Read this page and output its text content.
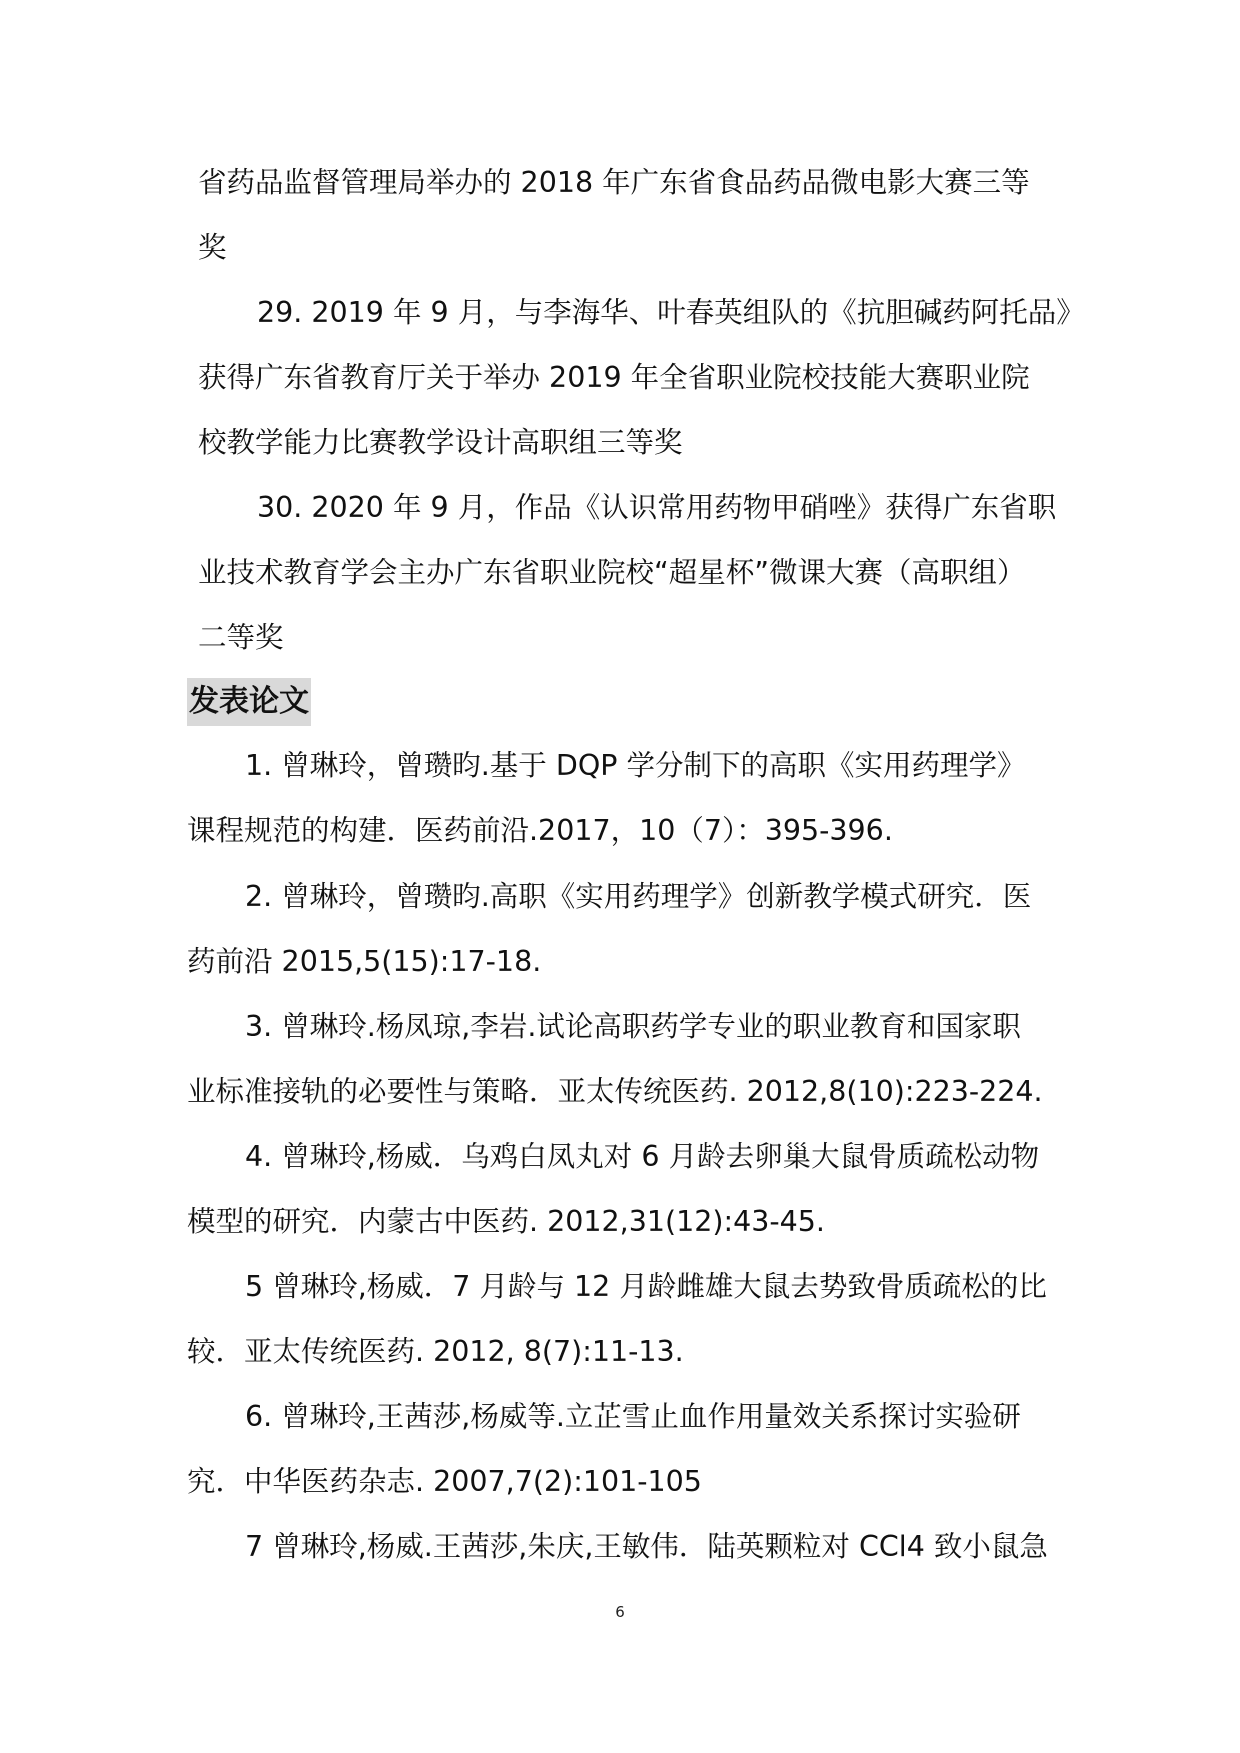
省药品监督管理局举办的 2018 年广东省食品药品微电影大赛三等
奖
29. 2019 年 9 月，与李海华、叶春英组队的《抗胆碱药阿托品》
获得广东省教育厅关于举办 2019 年全省职业院校技能大赛职业院
校教学能力比赛教学设计高职组三等奖
30. 2020 年 9 月，作品《认识常用药物甲硝唑》获得广东省职
业技术教育学会主办广东省职业院校“超星杯”微课大赛（高职组）
二等奖
发表论文
1. 曾琳玲，曾瓒昀.基于 DQP 学分制下的高职《实用药理学》
课程规范的构建．医药前沿.2017，10（7）：395-396.
2. 曾琳玲，曾瓒昀.高职《实用药理学》创新教学模式研究．医
药前沿 2015,5(15):17-18.
3. 曾琳玲.杨凤琼,李岩.试论高职药学专业的职业教育和国家职
业标准接轨的必要性与策略．亚太传统医药. 2012,8(10):223-224.
4. 曾琳玲,杨威．乌鸡白凤丸对 6 月龄去卵巢大鼠骨质疏松动物
模型的研究．内蒙古中医药. 2012,31(12):43-45.
5 曾琳玲,杨威．7 月龄与 12 月龄雌雄大鼠去势致骨质疏松的比
较．亚太传统医药. 2012, 8(7):11-13.
6. 曾琳玲,王茜莎,杨威等.立芷雪止血作用量效关系探讨实验研
究．中华医药杂志. 2007,7(2):101-105
7 曾琳玲,杨威.王茜莎,朱庆,王敏伟．陆英颗粒对 CCl4 致小鼠急
6
